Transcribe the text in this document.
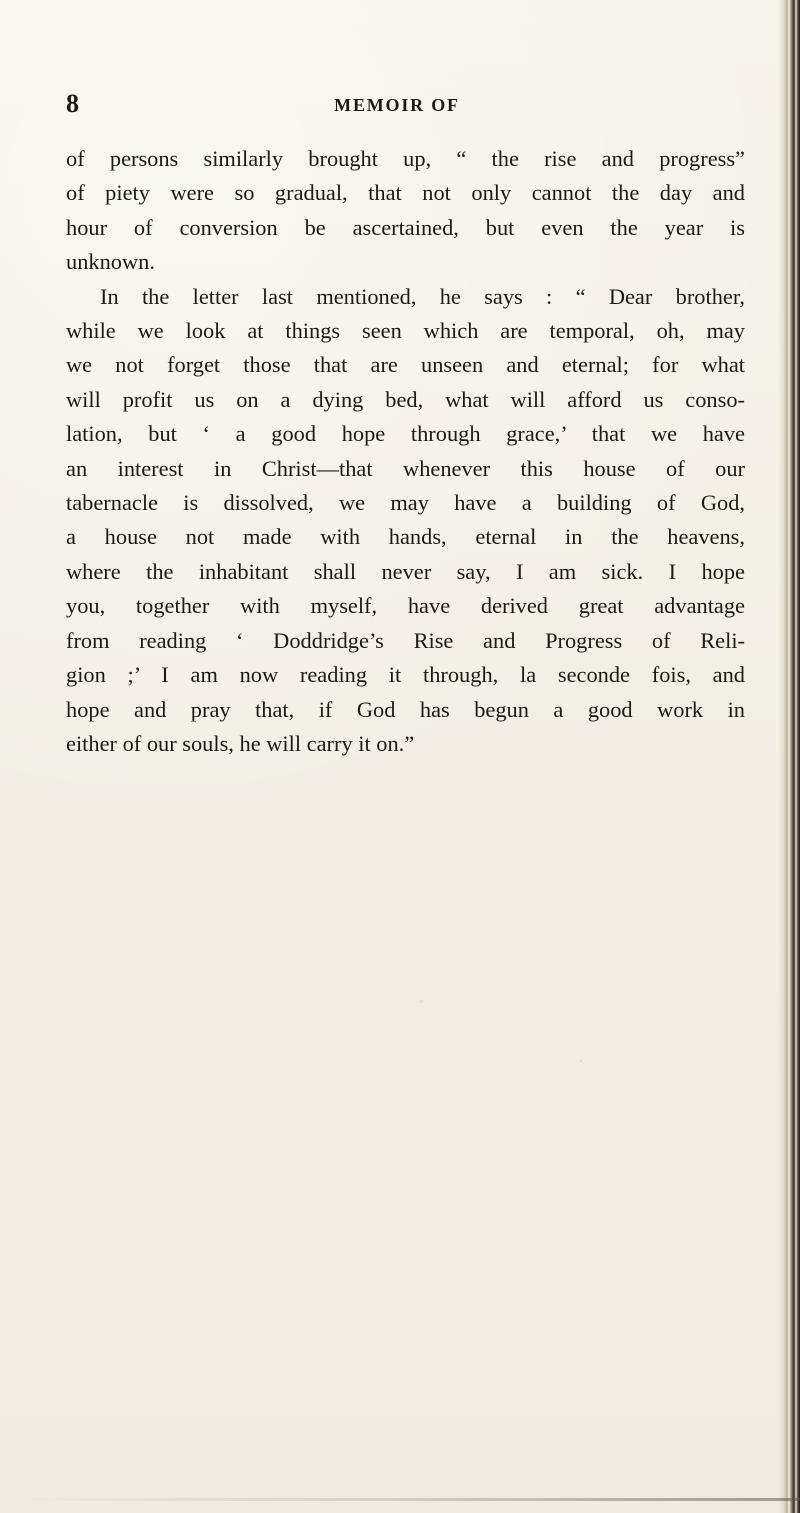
8	MEMOIR OF
of persons similarly brought up, “ the rise and progress”
of piety were so gradual, that not only cannot the day and
hour of conversion be ascertained, but even the year is
unknown.
In the letter last mentioned, he says : “ Dear brother,
while we look at things seen which are temporal, oh, may
we not forget those that are unseen and eternal; for what
will profit us on a dying bed, what will afford us conso-
lation, but ‘ a good hope through grace,’ that we have
an interest in Christ—that whenever this house of our
tabernacle is dissolved, we may have a building of God,
a house not made with hands, eternal in the heavens,
where the inhabitant shall never say, I am sick. I hope
you, together with myself, have derived great advantage
from reading ‘ Doddridge’s Rise and Progress of Reli-
gion ;’ I am now reading it through, la seconde fois, and
hope and pray that, if God has begun a good work in
either of our souls, he will carry it on.”
